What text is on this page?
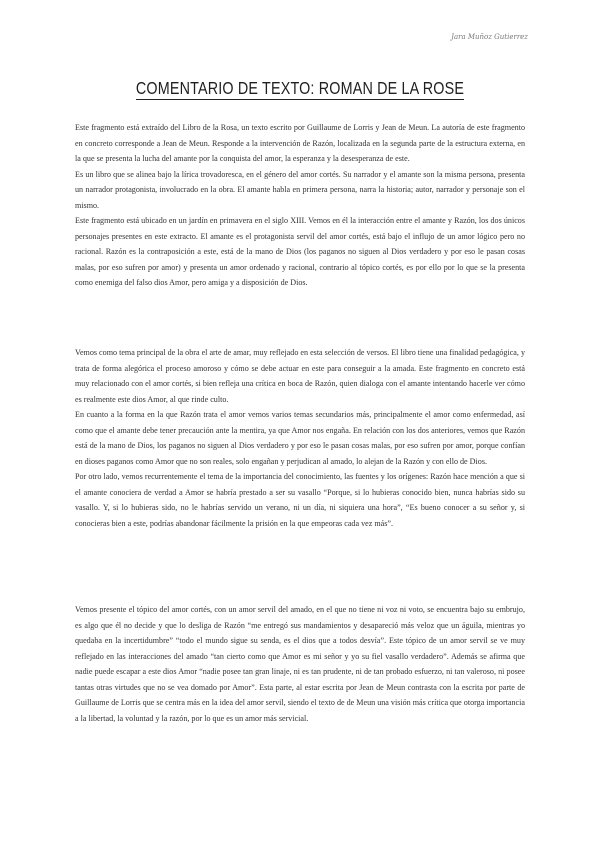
Jara Muñoz Gutierrez
COMENTARIO DE TEXTO: ROMAN DE LA ROSE

Este fragmento está extraído del Libro de la Rosa, un texto escrito por Guillaume de Lorris y Jean de Meun. La autoría de este fragmento en concreto corresponde a Jean de Meun. Responde a la intervención de Razón, localizada en la segunda parte de la estructura externa, en la que se presenta la lucha del amante por la conquista del amor, la esperanza y la desesperanza de este.

Es un libro que se alinea bajo la lírica trovadoresca, en el género del amor cortés. Su narrador y el amante son la misma persona, presenta un narrador protagonista, involucrado en la obra. El amante habla en primera persona, narra la historia; autor, narrador y personaje son el mismo.

Este fragmento está ubicado en un jardín en primavera en el siglo XIII. Vemos en él la interacción entre el amante y Razón, los dos únicos personajes presentes en este extracto. El amante es el protagonista servil del amor cortés, está bajo el influjo de un amor lógico pero no racional. Razón es la contraposición a este, está de la mano de Dios (los paganos no siguen al Dios verdadero y por eso le pasan cosas malas, por eso sufren por amor) y presenta un amor ordenado y racional, contrario al tópico cortés, es por ello por lo que se la presenta como enemiga del falso dios Amor, pero amiga y a disposición de Dios.

Vemos como tema principal de la obra el arte de amar, muy reflejado en esta selección de versos. El libro tiene una finalidad pedagógica, y trata de forma alegórica el proceso amoroso y cómo se debe actuar en este para conseguir a la amada. Este fragmento en concreto está muy relacionado con el amor cortés, si bien refleja una crítica en boca de Razón, quien dialoga con el amante intentando hacerle ver cómo es realmente este dios Amor, al que rinde culto.

En cuanto a la forma en la que Razón trata el amor vemos varios temas secundarios más, principalmente el amor como enfermedad, así como que el amante debe tener precaución ante la mentira, ya que Amor nos engaña. En relación con los dos anteriores, vemos que Razón está de la mano de Dios, los paganos no siguen al Dios verdadero y por eso le pasan cosas malas, por eso sufren por amor, porque confían en dioses paganos como Amor que no son reales, solo engañan y perjudican al amado, lo alejan de la Razón y con ello de Dios.

Por otro lado, vemos recurrentemente el tema de la importancia del conocimiento, las fuentes y los orígenes: Razón hace mención a que si el amante conociera de verdad a Amor se habría prestado a ser su vasallo “Porque, si lo hubieras conocido bien, nunca habrías sido su vasallo. Y, si lo hubieras sido, no le habrías servido un verano, ni un día, ni siquiera una hora”, “Es bueno conocer a su señor y, si conocieras bien a este, podrías abandonar fácilmente la prisión en la que empeoras cada vez más”.

Vemos presente el tópico del amor cortés, con un amor servil del amado, en el que no tiene ni voz ni voto, se encuentra bajo su embrujo, es algo que él no decide y que lo desliga de Razón “me entregó sus mandamientos y desapareció más veloz que un águila, mientras yo quedaba en la incertidumbre” “todo el mundo sigue su senda, es el dios que a todos desvía”. Este tópico de un amor servil se ve muy reflejado en las interacciones del amado “tan cierto como que Amor es mi señor y yo su fiel vasallo verdadero”. Además se afirma que nadie puede escapar a este dios Amor “nadie posee tan gran linaje, ni es tan prudente, ni de tan probado esfuerzo, ni tan valeroso, ni posee tantas otras virtudes que no se vea domado por Amor”. Esta parte, al estar escrita por Jean de Meun contrasta con la escrita por parte de Guillaume de Lorris que se centra más en la idea del amor servil, siendo el texto de de Meun una visión más crítica que otorga importancia a la libertad, la voluntad y la razón, por lo que es un amor más servicial.
